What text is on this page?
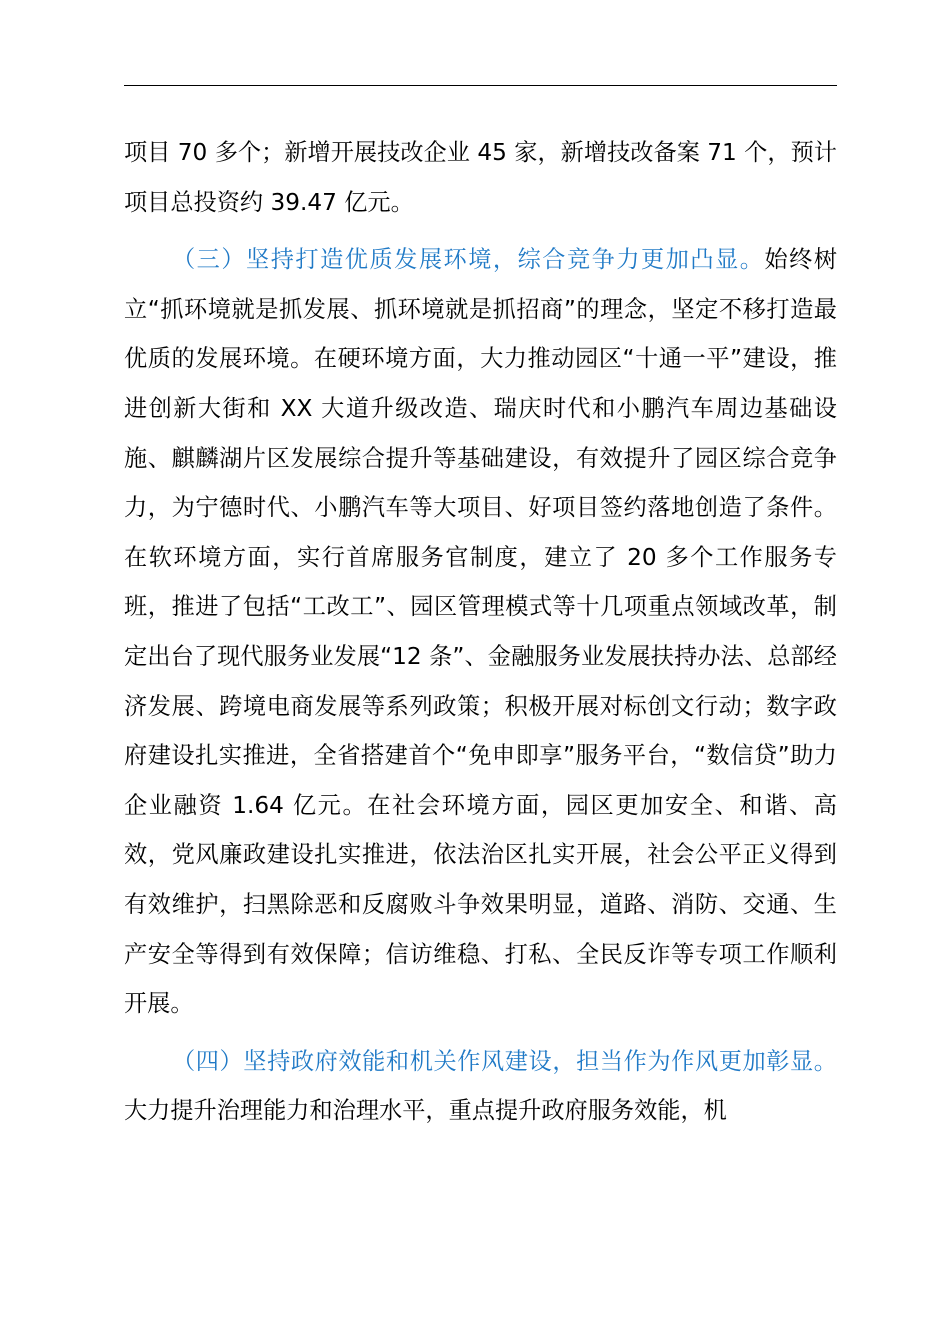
项目 70 多个；新增开展技改企业 45 家，新增技改备案 71 个，预计项目总投资约 39.47 亿元。

（三）坚持打造优质发展环境，综合竞争力更加凸显。始终树立“抓环境就是抓发展、抓环境就是抓招商”的理念，坚定不移打造最优质的发展环境。在硬环境方面，大力推动园区“十通一平”建设，推进创新大街和 XX 大道升级改造、瑞庆时代和小鹏汽车周边基础设施、麒麟湖片区发展综合提升等基础建设，有效提升了园区综合竞争力，为宁德时代、小鹏汽车等大项目、好项目签约落地创造了条件。在软环境方面，实行首席服务官制度，建立了 20 多个工作服务专班，推进了包括“工改工”、园区管理模式等十几项重点领域改革，制定出台了现代服务业发展“12 条”、金融服务业发展扶持办法、总部经济发展、跨境电商发展等系列政策；积极开展对标创文行动；数字政府建设扎实推进，全省搭建首个“免申即享”服务平台，“数信贷”助力企业融资 1.64 亿元。在社会环境方面，园区更加安全、和谐、高效，党风廉政建设扎实推进，依法治区扎实开展，社会公平正义得到有效维护，扫黑除恶和反腐败斗争效果明显，道路、消防、交通、生产安全等得到有效保障；信访维稳、打私、全民反诈等专项工作顺利开展。

（四）坚持政府效能和机关作风建设，担当作为作风更加彰显。大力提升治理能力和治理水平，重点提升政府服务效能，机
